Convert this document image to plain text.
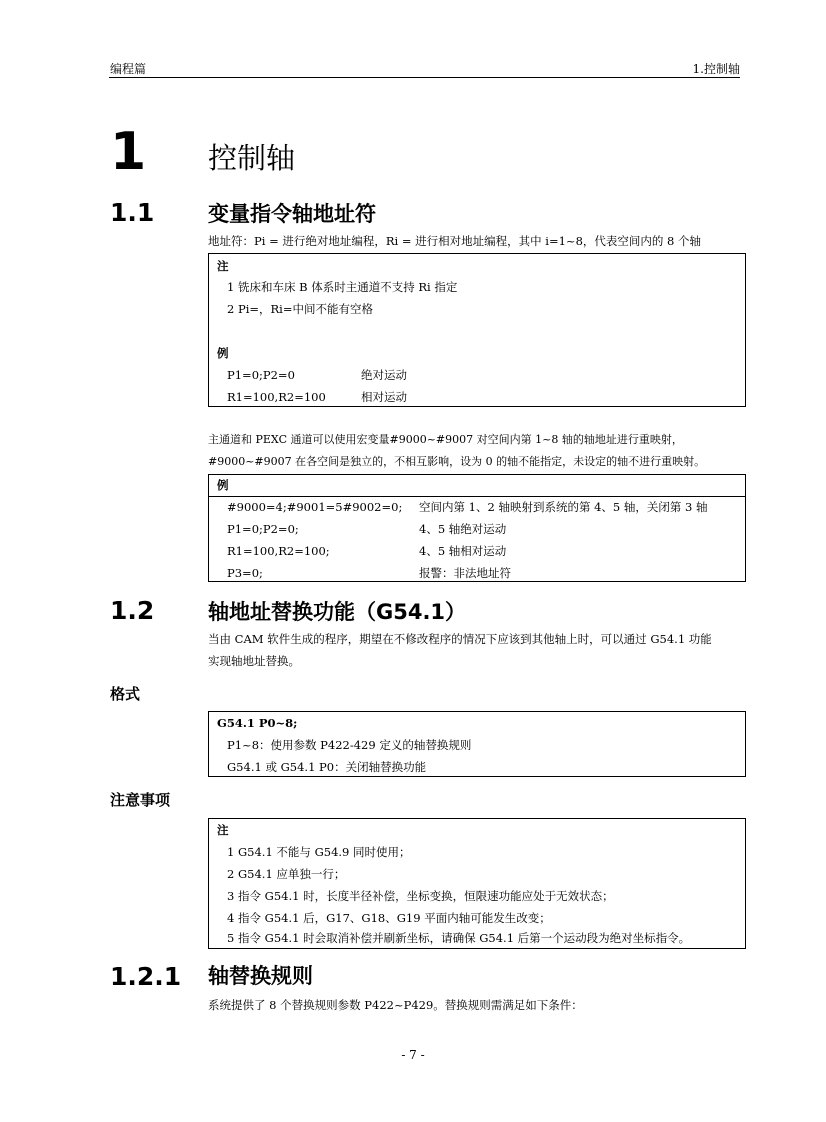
编程篇	1.控制轴
1 控制轴
1.1	变量指令轴地址符
地址符：Pi = 进行绝对地址编程，Ri = 进行相对地址编程，其中 i=1~8，代表空间内的 8 个轴
注
1 铣床和车床 B 体系时主通道不支持 Ri 指定
2 Pi=，Ri=中间不能有空格
例
P1=0;P2=0	绝对运动
R1=100,R2=100	相对运动
主通道和 PEXC 通道可以使用宏变量#9000~#9007 对空间内第 1~8 轴的轴地址进行重映射，
#9000~#9007 在各空间是独立的，不相互影响，设为 0 的轴不能指定，未设定的轴不进行重映射。
例
#9000=4;#9001=5#9002=0; 空间内第 1、2 轴映射到系统的第 4、5 轴，关闭第 3 轴
P1=0;P2=0;	4、5 轴绝对运动
R1=100,R2=100;	4、5 轴相对运动
P3=0;	报警：非法地址符
1.2	轴地址替换功能（G54.1）
当由 CAM 软件生成的程序，期望在不修改程序的情况下应该到其他轴上时，可以通过 G54.1 功能
实现轴地址替换。
格式
G54.1 P0~8;
P1~8：使用参数 P422-429 定义的轴替换规则
G54.1 或 G54.1 P0：关闭轴替换功能
注意事项
注
1 G54.1 不能与 G54.9 同时使用；
2 G54.1 应单独一行；
3 指令 G54.1 时，长度半径补偿，坐标变换，恒限速功能应处于无效状态；
4 指令 G54.1 后，G17、G18、G19 平面内轴可能发生改变；
5 指令 G54.1 时会取消补偿并刷新坐标，请确保 G54.1 后第一个运动段为绝对坐标指令。
1.2.1 轴替换规则
系统提供了 8 个替换规则参数 P422~P429。替换规则需满足如下条件：
- 7 -
